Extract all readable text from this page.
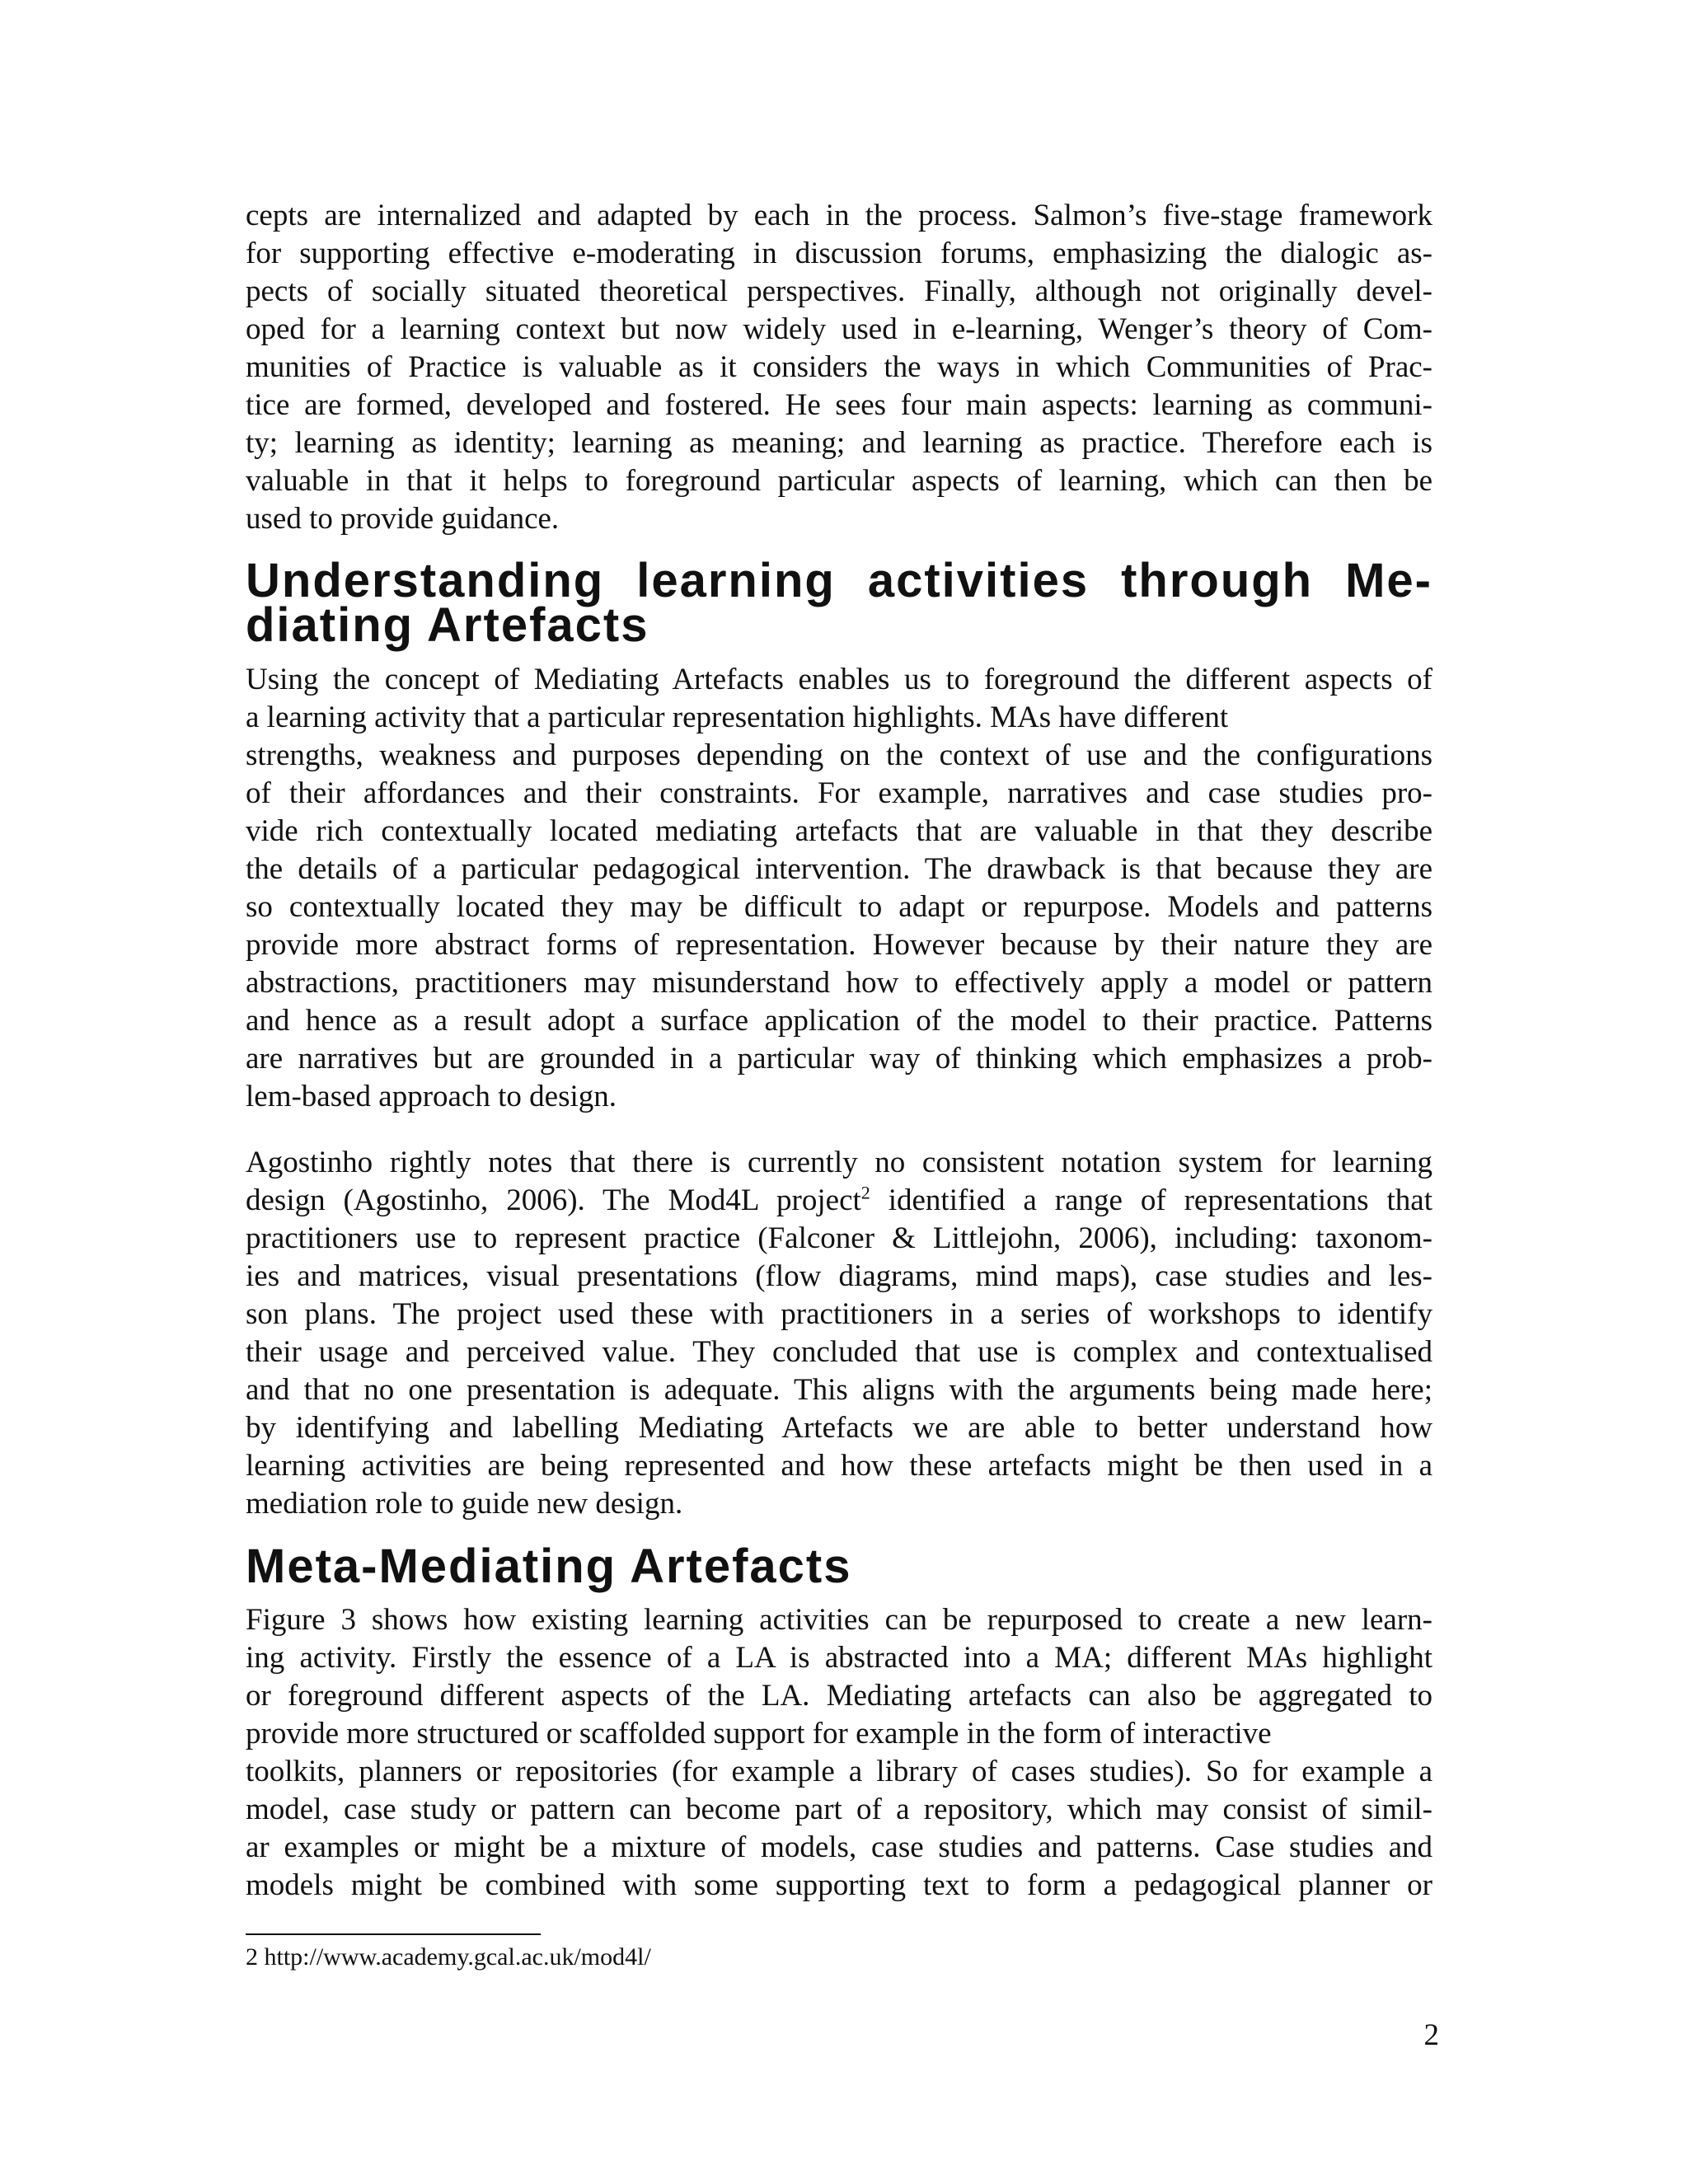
cepts are internalized and adapted by each in the process. Salmon’s five-stage framework
for supporting effective e-moderating in discussion forums, emphasizing the dialogic as-
pects of socially situated theoretical perspectives. Finally, although not originally devel-
oped for a learning context but now widely used in e-learning, Wenger’s theory of Com-
munities of Practice is valuable as it considers the ways in which Communities of Prac-
tice are formed, developed and fostered. He sees four main aspects: learning as communi-
ty; learning as identity; learning as meaning; and learning as practice. Therefore each is
valuable in that it helps to foreground particular aspects of learning, which can then be
used to provide guidance.
Understanding learning activities through Me-
diating Artefacts
Using the concept of Mediating Artefacts enables us to foreground the different aspects of
a learning activity that a particular representation highlights. MAs have different
strengths, weakness and purposes depending on the context of use and the configurations
of their affordances and their constraints. For example, narratives and case studies pro-
vide rich contextually located mediating artefacts that are valuable in that they describe
the details of a particular pedagogical intervention. The drawback is that because they are
so contextually located they may be difficult to adapt or repurpose. Models and patterns
provide more abstract forms of representation. However because by their nature they are
abstractions, practitioners may misunderstand how to effectively apply a model or pattern
and hence as a result adopt a surface application of the model to their practice. Patterns
are narratives but are grounded in a particular way of thinking which emphasizes a prob-
lem-based approach to design.
Agostinho rightly notes that there is currently no consistent notation system for learning
design (Agostinho, 2006). The Mod4L project$^2$ identified a range of representations that
practitioners use to represent practice (Falconer & Littlejohn, 2006), including: taxonom-
ies and matrices, visual presentations (flow diagrams, mind maps), case studies and les-
son plans. The project used these with practitioners in a series of workshops to identify
their usage and perceived value. They concluded that use is complex and contextualised
and that no one presentation is adequate. This aligns with the arguments being made here;
by identifying and labelling Mediating Artefacts we are able to better understand how
learning activities are being represented and how these artefacts might be then used in a
mediation role to guide new design.
Meta-Mediating Artefacts
Figure 3 shows how existing learning activities can be repurposed to create a new learn-
ing activity. Firstly the essence of a LA is abstracted into a MA; different MAs highlight
or foreground different aspects of the LA. Mediating artefacts can also be aggregated to
provide more structured or scaffolded support for example in the form of interactive
toolkits, planners or repositories (for example a library of cases studies). So for example a
model, case study or pattern can become part of a repository, which may consist of simil-
ar examples or might be a mixture of models, case studies and patterns. Case studies and
models might be combined with some supporting text to form a pedagogical planner or
2 http://www.academy.gcal.ac.uk/mod4l/
2
